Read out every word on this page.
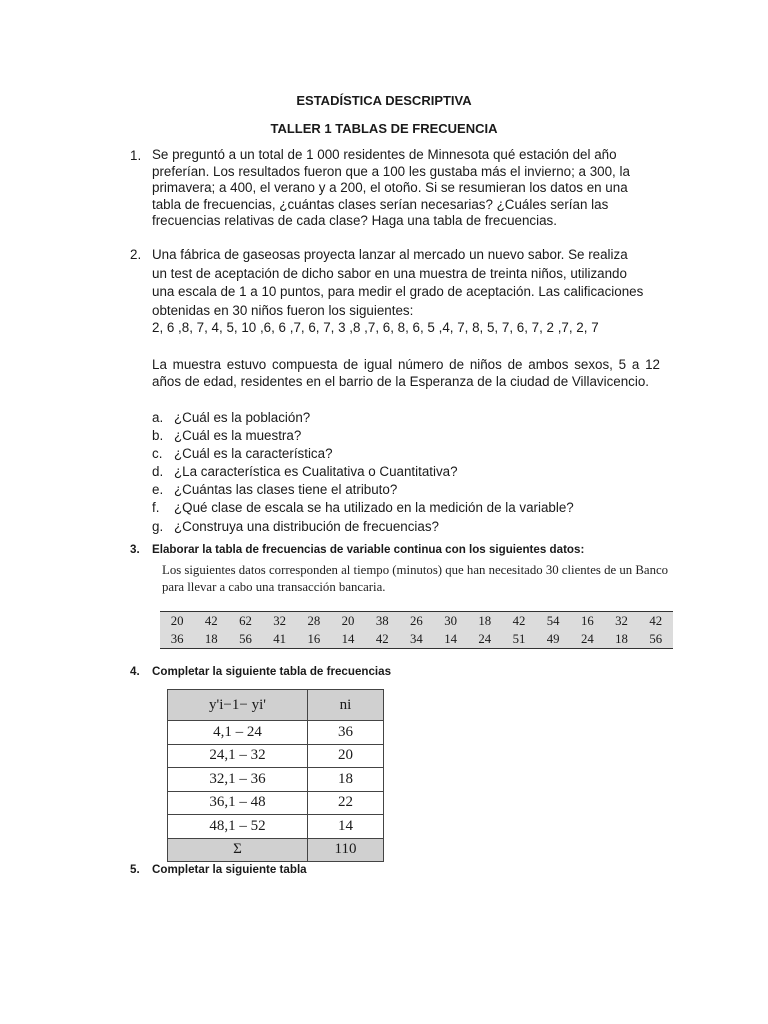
ESTADÍSTICA DESCRIPTIVA
TALLER 1 TABLAS DE FRECUENCIA
1. Se preguntó a un total de 1 000 residentes de Minnesota qué estación del año
preferían. Los resultados fueron que a 100 les gustaba más el invierno; a 300, la
primavera; a 400, el verano y a 200, el otoño. Si se resumieran los datos en una
tabla de frecuencias, ¿cuántas clases serían necesarias? ¿Cuáles serían las
frecuencias relativas de cada clase? Haga una tabla de frecuencias.
2. Una fábrica de gaseosas proyecta lanzar al mercado un nuevo sabor. Se realiza
un test de aceptación de dicho sabor en una muestra de treinta niños, utilizando
una escala de 1 a 10 puntos, para medir el grado de aceptación. Las calificaciones
obtenidas en 30 niños fueron los siguientes:
2, 6 ,8, 7, 4, 5, 10 ,6, 6 ,7, 6, 7, 3 ,8 ,7, 6, 8, 6, 5 ,4, 7, 8, 5, 7, 6, 7, 2 ,7, 2, 7
La muestra estuvo compuesta de igual número de niños de ambos sexos, 5 a 12 años de edad, residentes en el barrio de la Esperanza de la ciudad de Villavicencio.
a. ¿Cuál es la población?
b. ¿Cuál es la muestra?
c. ¿Cuál es la característica?
d. ¿La característica es Cualitativa o Cuantitativa?
e. ¿Cuántas las clases tiene el atributo?
f. ¿Qué clase de escala se ha utilizado en la medición de la variable?
g. ¿Construya una distribución de frecuencias?
3. Elaborar la tabla de frecuencias de variable continua con los siguientes datos:
Los siguientes datos corresponden al tiempo (minutos) que han necesitado 30 clientes de un Banco
para llevar a cabo una transacción bancaria.
20	42	62	32	28	20	38	26	30	18	42	54	16	32	42
36	18	56	41	16	14	42	34	14	24	51	49	24	18	56
4. Completar la siguiente tabla de frecuencias
y'i−1− yi'	ni
4,1 – 24	36
24,1 – 32	20
32,1 – 36	18
36,1 – 48	22
48,1 – 52	14
Σ	110
5. Completar la siguiente tabla
